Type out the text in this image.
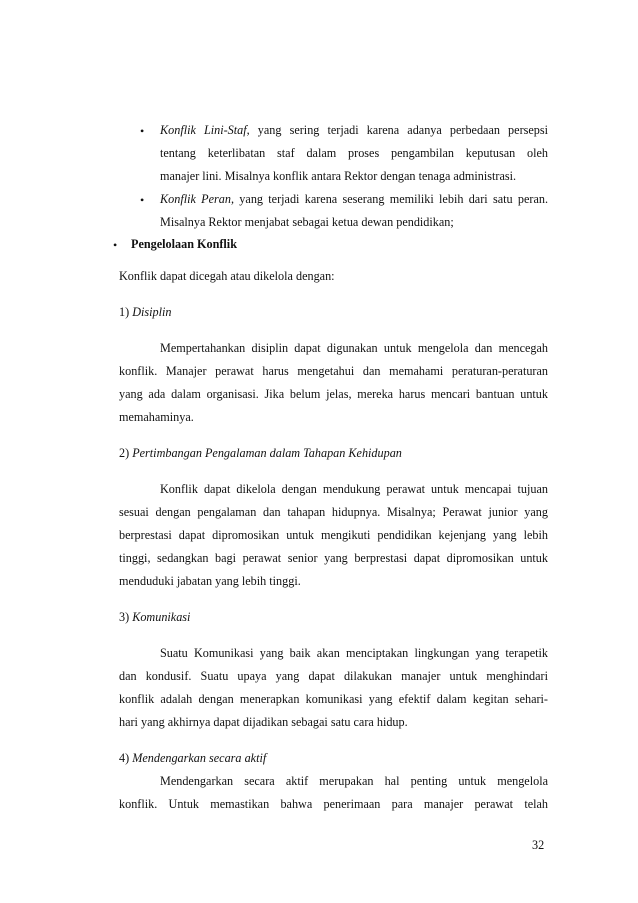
• Konflik Lini-Staf, yang sering terjadi karena adanya perbedaan persepsi
tentang keterlibatan staf dalam proses pengambilan keputusan oleh
manajer lini. Misalnya konflik antara Rektor dengan tenaga administrasi.
• Konflik Peran, yang terjadi karena seserang memiliki lebih dari satu peran.
Misalnya Rektor menjabat sebagai ketua dewan pendidikan;
• Pengelolaan Konflik
Konflik dapat dicegah atau dikelola dengan:
1) Disiplin
Mempertahankan disiplin dapat digunakan untuk mengelola dan mencegah
konflik. Manajer perawat harus mengetahui dan memahami peraturan-peraturan
yang ada dalam organisasi. Jika belum jelas, mereka harus mencari bantuan untuk
memahaminya.
2) Pertimbangan Pengalaman dalam Tahapan Kehidupan
Konflik dapat dikelola dengan mendukung perawat untuk mencapai tujuan
sesuai dengan pengalaman dan tahapan hidupnya. Misalnya; Perawat junior yang
berprestasi dapat dipromosikan untuk mengikuti pendidikan kejenjang yang lebih
tinggi, sedangkan bagi perawat senior yang berprestasi dapat dipromosikan untuk
menduduki jabatan yang lebih tinggi.
3) Komunikasi
Suatu Komunikasi yang baik akan menciptakan lingkungan yang terapetik
dan kondusif. Suatu upaya yang dapat dilakukan manajer untuk menghindari
konflik adalah dengan menerapkan komunikasi yang efektif dalam kegitan sehari-
hari yang akhirnya dapat dijadikan sebagai satu cara hidup.
4) Mendengarkan secara aktif
Mendengarkan secara aktif merupakan hal penting untuk mengelola
konflik. Untuk memastikan bahwa penerimaan para manajer perawat telah
32
